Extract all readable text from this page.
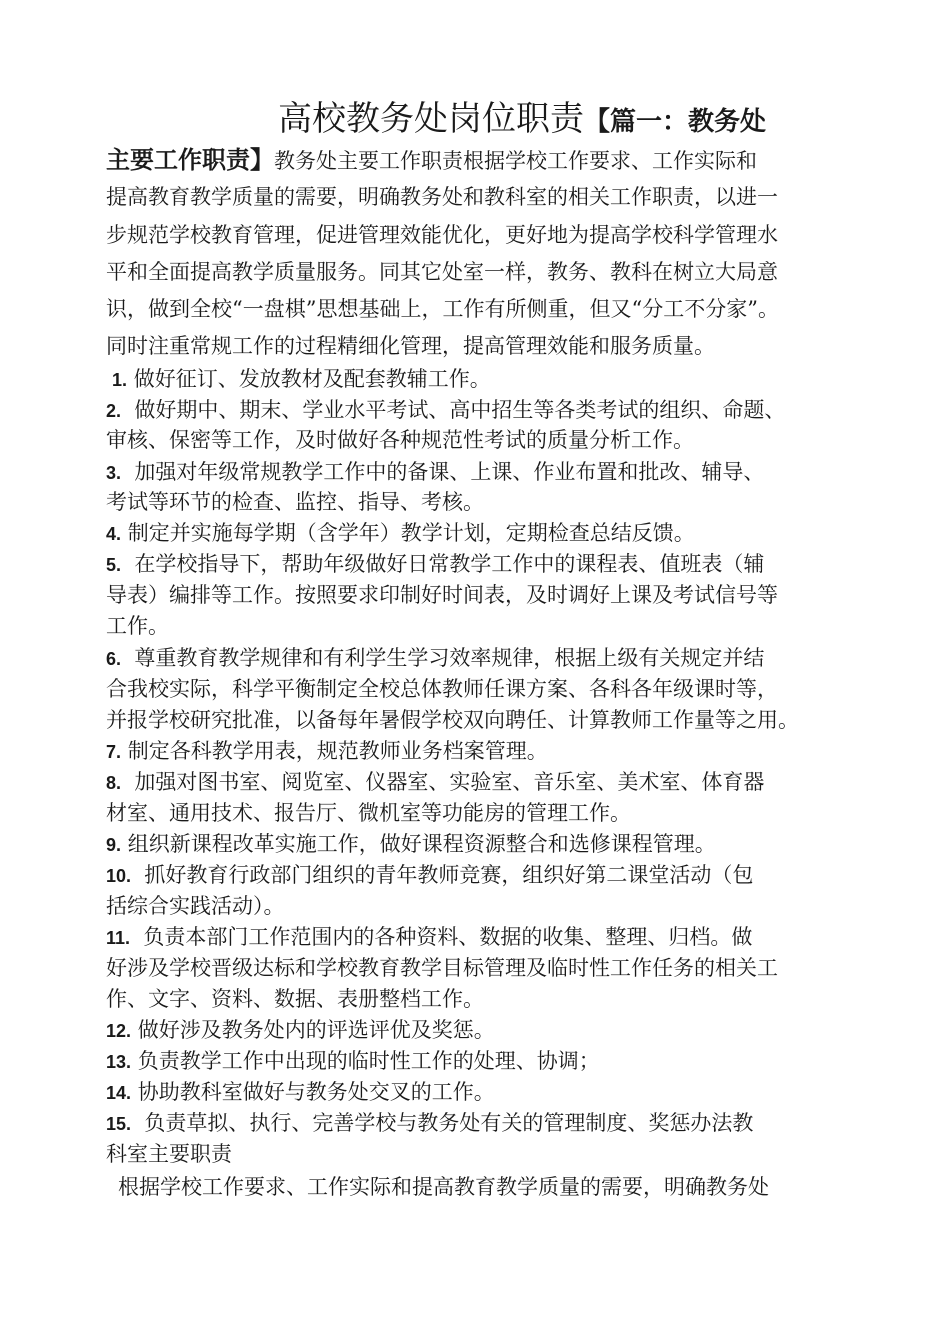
高校教务处岗位职责【篇一：教务处
主要工作职责】教务处主要工作职责根据学校工作要求、工作实际和
提高教育教学质量的需要，明确教务处和教科室的相关工作职责，以进一
步规范学校教育管理，促进管理效能优化，更好地为提高学校科学管理水
平和全面提高教学质量服务。同其它处室一样，教务、教科在树立大局意
识，做到全校“一盘棋”思想基础上，工作有所侧重，但又“分工不分家”。
同时注重常规工作的过程精细化管理，提高管理效能和服务质量。
1. 做好征订、发放教材及配套教辅工作。
2. 做好期中、期末、学业水平考试、高中招生等各类考试的组织、命题、
审核、保密等工作，及时做好各种规范性考试的质量分析工作。
3. 加强对年级常规教学工作中的备课、上课、作业布置和批改、辅导、
考试等环节的检查、监控、指导、考核。
4. 制定并实施每学期（含学年）教学计划，定期检查总结反馈。
5. 在学校指导下，帮助年级做好日常教学工作中的课程表、值班表（辅
导表）编排等工作。按照要求印制好时间表，及时调好上课及考试信号等
工作。
6. 尊重教育教学规律和有利学生学习效率规律，根据上级有关规定并结
合我校实际，科学平衡制定全校总体教师任课方案、各科各年级课时等，
并报学校研究批准，以备每年暑假学校双向聘任、计算教师工作量等之用。
7. 制定各科教学用表，规范教师业务档案管理。
8. 加强对图书室、阅览室、仪器室、实验室、音乐室、美术室、体育器
材室、通用技术、报告厅、微机室等功能房的管理工作。
9. 组织新课程改革实施工作，做好课程资源整合和选修课程管理。
10. 抓好教育行政部门组织的青年教师竞赛，组织好第二课堂活动（包
括综合实践活动）。
11. 负责本部门工作范围内的各种资料、数据的收集、整理、归档。做
好涉及学校晋级达标和学校教育教学目标管理及临时性工作任务的相关工
作、文字、资料、数据、表册整档工作。
12. 做好涉及教务处内的评选评优及奖惩。
13. 负责教学工作中出现的临时性工作的处理、协调；
14. 协助教科室做好与教务处交叉的工作。
15. 负责草拟、执行、完善学校与教务处有关的管理制度、奖惩办法教
科室主要职责
根据学校工作要求、工作实际和提高教育教学质量的需要，明确教务处
